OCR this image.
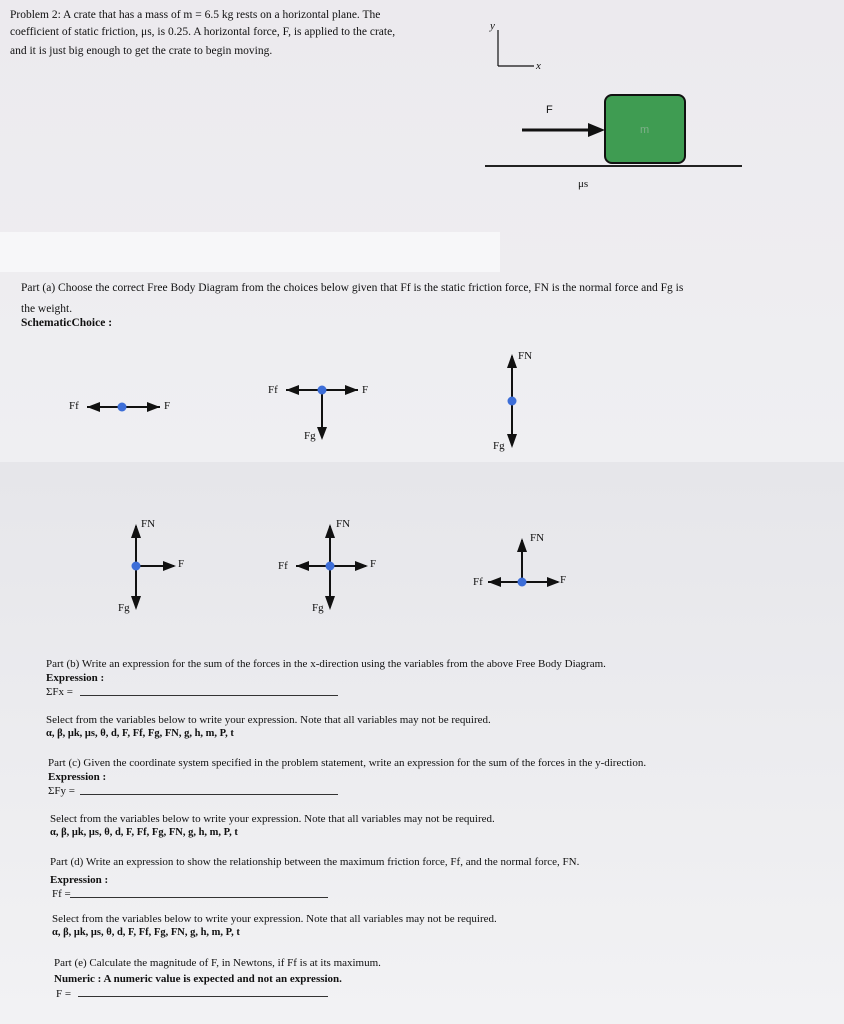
Problem 2: A crate that has a mass of m = 6.5 kg rests on a horizontal plane. The
coefficient of static friction, μs, is 0.25. A horizontal force, F, is applied to the crate,
and it is just big enough to get the crate to begin moving.
y
x
F
m
μs
Part (a) Choose the correct Free Body Diagram from the choices below given that Ff is the static friction force, FN is the normal force and Fg is
the weight.
SchematicChoice :
Ff	F
Ff	F
Fg
FN
Fg
FN
F
Fg
FN
Ff	F
Fg
FN
Ff	F
Part (b) Write an expression for the sum of the forces in the x-direction using the variables from the above Free Body Diagram.
Expression :
ΣFx =
Select from the variables below to write your expression. Note that all variables may not be required.
α, β, μk, μs, θ, d, F, Ff, Fg, FN, g, h, m, P, t
Part (c) Given the coordinate system specified in the problem statement, write an expression for the sum of the forces in the y-direction.
Expression :
ΣFy =
Select from the variables below to write your expression. Note that all variables may not be required.
α, β, μk, μs, θ, d, F, Ff, Fg, FN, g, h, m, P, t
Part (d) Write an expression to show the relationship between the maximum friction force, Ff, and the normal force, FN.
Expression :
Ff =
Select from the variables below to write your expression. Note that all variables may not be required.
α, β, μk, μs, θ, d, F, Ff, Fg, FN, g, h, m, P, t
Part (e) Calculate the magnitude of F, in Newtons, if Ff is at its maximum.
Numeric : A numeric value is expected and not an expression.
F =
